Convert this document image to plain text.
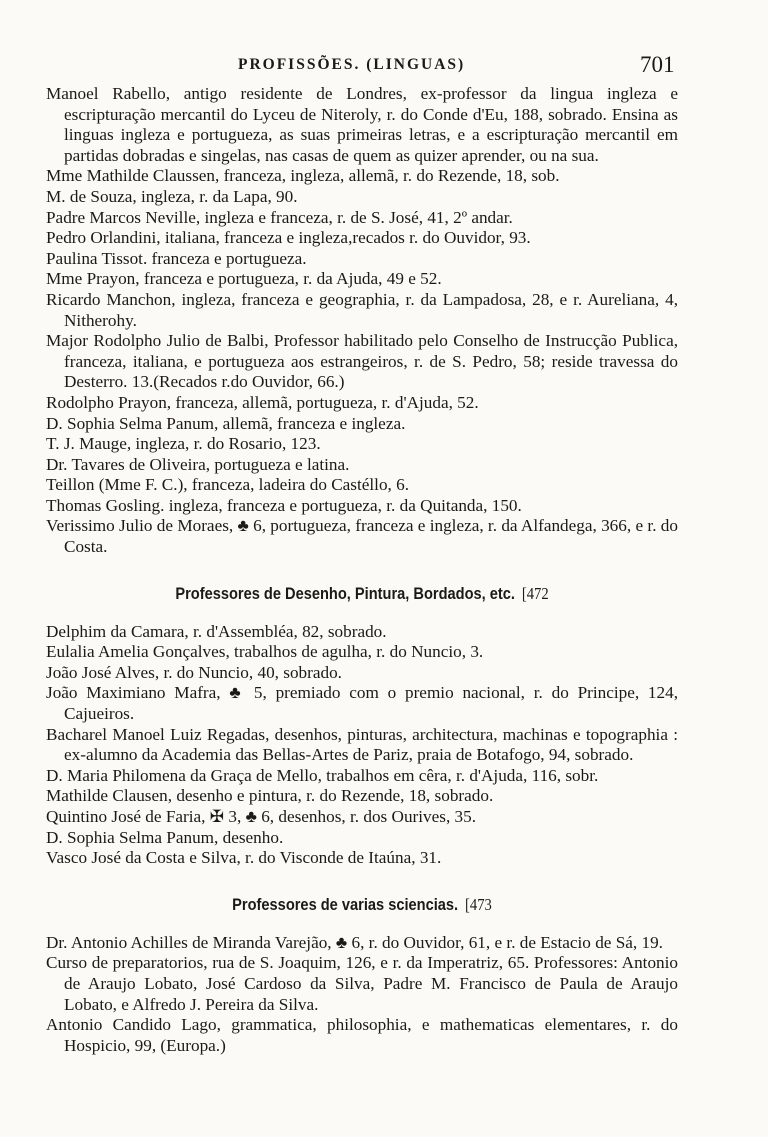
PROFISSÕES. (LINGUAS)	701
Manoel Rabello, antigo residente de Londres, ex-professor da lingua ingleza e escripturação mercantil do Lyceu de Niteroly, r. do Conde d'Eu, 188, sobrado. Ensina as linguas ingleza e portugueza, as suas primeiras letras, e a escripturação mercantil em partidas dobradas e singelas, nas casas de quem as quizer aprender, ou na sua.
Mme Mathilde Claussen, franceza, ingleza, allemã, r. do Rezende, 18, sob.
M. de Souza, ingleza, r. da Lapa, 90.
Padre Marcos Neville, ingleza e franceza, r. de S. José, 41, 2º andar.
Pedro Orlandini, italiana, franceza e ingleza,recados r. do Ouvidor, 93.
Paulina Tissot. franceza e portugueza.
Mme Prayon, franceza e portugueza, r. da Ajuda, 49 e 52.
Ricardo Manchon, ingleza, franceza e geographia, r. da Lampadosa, 28, e r. Aureliana, 4, Nitherohy.
Major Rodolpho Julio de Balbi, Professor habilitado pelo Conselho de Instrucção Publica, franceza, italiana, e portugueza aos estrangeiros, r. de S. Pedro, 58; reside travessa do Desterro. 13.(Recados r.do Ouvidor, 66.)
Rodolpho Prayon, franceza, allemã, portugueza, r. d'Ajuda, 52.
D. Sophia Selma Panum, allemã, franceza e ingleza.
T. J. Mauge, ingleza, r. do Rosario, 123.
Dr. Tavares de Oliveira, portugueza e latina.
Teillon (Mme F. C.), franceza, ladeira do Castéllo, 6.
Thomas Gosling. ingleza, franceza e portugueza, r. da Quitanda, 150.
Verissimo Julio de Moraes, ♣ 6, portugueza, franceza e ingleza, r. da Alfandega, 366, e r. do Costa.
Professores de Desenho, Pintura, Bordados, etc. [472
Delphim da Camara, r. d'Assembléa, 82, sobrado.
Eulalia Amelia Gonçalves, trabalhos de agulha, r. do Nuncio, 3.
João José Alves, r. do Nuncio, 40, sobrado.
João Maximiano Mafra, ♣ 5, premiado com o premio nacional, r. do Principe, 124, Cajueiros.
Bacharel Manoel Luiz Regadas, desenhos, pinturas, architectura, machinas e topographia : ex-alumno da Academia das Bellas-Artes de Pariz, praia de Botafogo, 94, sobrado.
D. Maria Philomena da Graça de Mello, trabalhos em cêra, r. d'Ajuda, 116, sobr.
Mathilde Clausen, desenho e pintura, r. do Rezende, 18, sobrado.
Quintino José de Faria, ✠ 3, ♣ 6, desenhos, r. dos Ourives, 35.
D. Sophia Selma Panum, desenho.
Vasco José da Costa e Silva, r. do Visconde de Itaúna, 31.
Professores de varias sciencias. [473
Dr. Antonio Achilles de Miranda Varejão, ♣ 6, r. do Ouvidor, 61, e r. de Estacio de Sá, 19.
Curso de preparatorios, rua de S. Joaquim, 126, e r. da Imperatriz, 65. Professores: Antonio de Araujo Lobato, José Cardoso da Silva, Padre M. Francisco de Paula de Araujo Lobato, e Alfredo J. Pereira da Silva.
Antonio Candido Lago, grammatica, philosophia, e mathematicas elementares, r. do Hospicio, 99, (Europa.)
